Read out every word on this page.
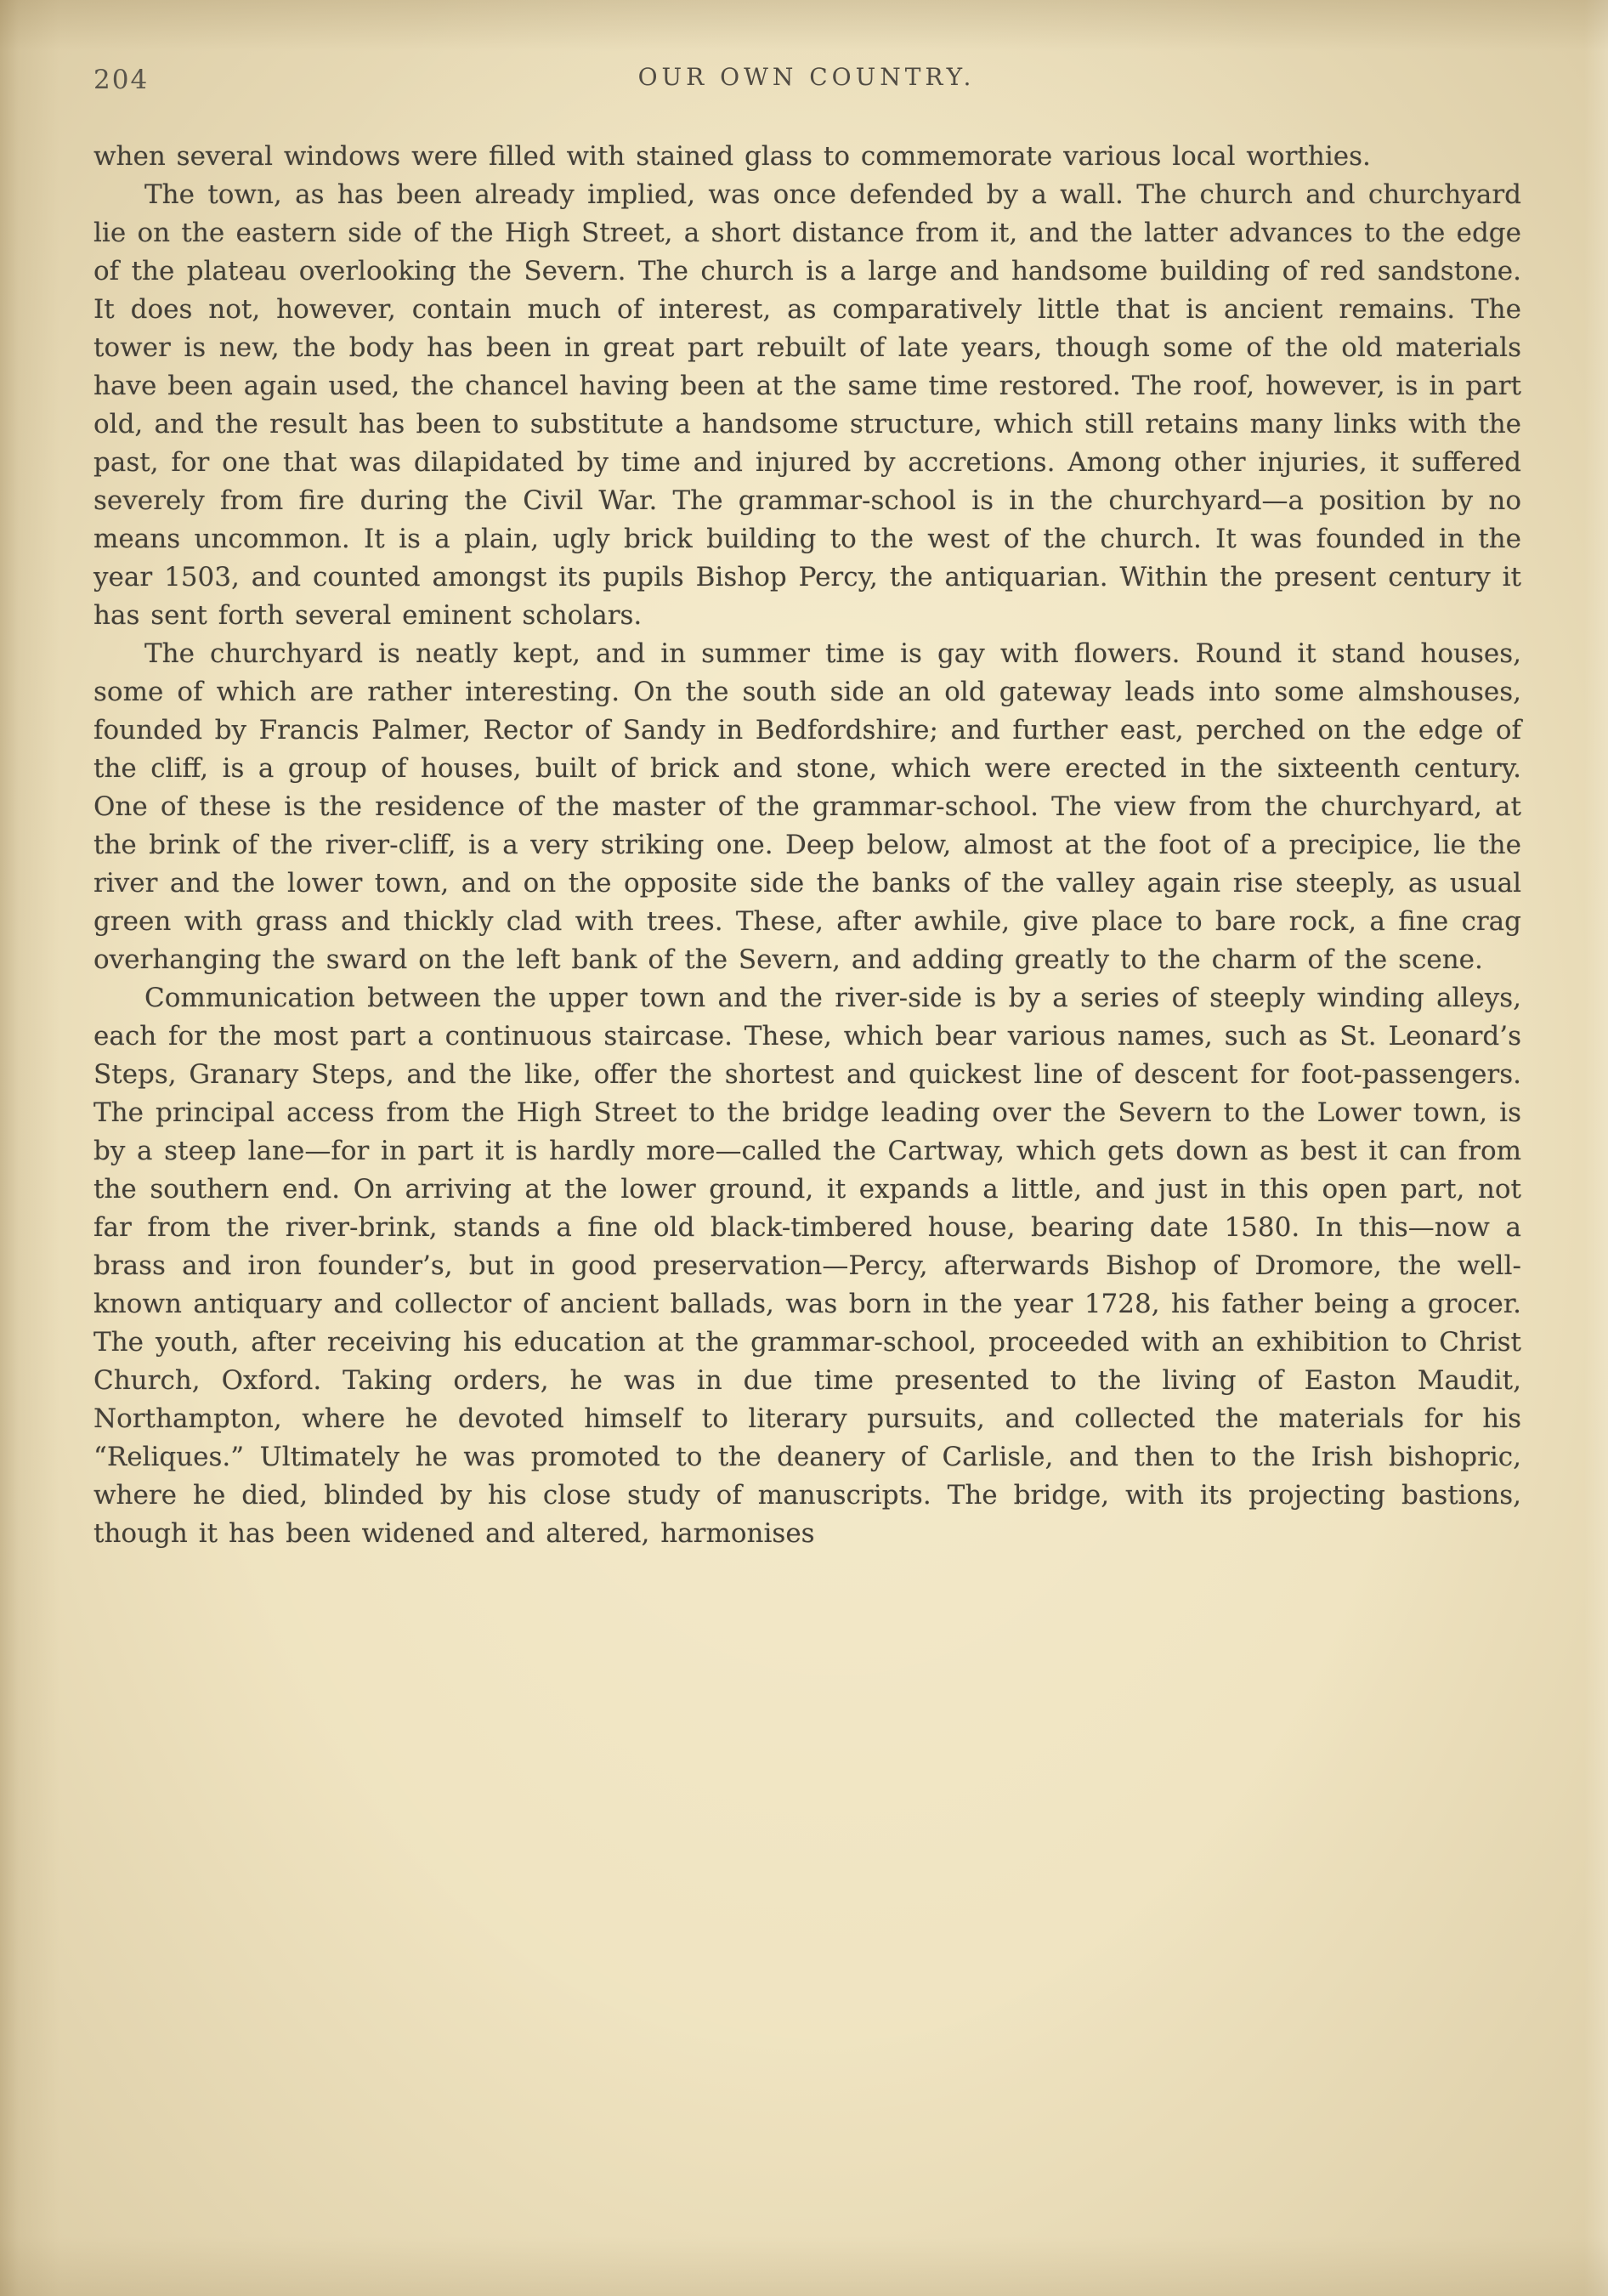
204	OUR OWN COUNTRY.

when several windows were filled with stained glass to commemorate various local worthies.

The town, as has been already implied, was once defended by a wall. The church and churchyard lie on the eastern side of the High Street, a short distance from it, and the latter advances to the edge of the plateau overlooking the Severn. The church is a large and handsome building of red sandstone. It does not, however, contain much of interest, as comparatively little that is ancient remains. The tower is new, the body has been in great part rebuilt of late years, though some of the old materials have been again used, the chancel having been at the same time restored. The roof, however, is in part old, and the result has been to substitute a handsome structure, which still retains many links with the past, for one that was dilapidated by time and injured by accretions. Among other injuries, it suffered severely from fire during the Civil War. The grammar-school is in the churchyard—a position by no means uncommon. It is a plain, ugly brick building to the west of the church. It was founded in the year 1503, and counted amongst its pupils Bishop Percy, the antiquarian. Within the present century it has sent forth several eminent scholars.

The churchyard is neatly kept, and in summer time is gay with flowers. Round it stand houses, some of which are rather interesting. On the south side an old gateway leads into some almshouses, founded by Francis Palmer, Rector of Sandy in Bedfordshire; and further east, perched on the edge of the cliff, is a group of houses, built of brick and stone, which were erected in the sixteenth century. One of these is the residence of the master of the grammar-school. The view from the churchyard, at the brink of the river-cliff, is a very striking one. Deep below, almost at the foot of a precipice, lie the river and the lower town, and on the opposite side the banks of the valley again rise steeply, as usual green with grass and thickly clad with trees. These, after awhile, give place to bare rock, a fine crag overhanging the sward on the left bank of the Severn, and adding greatly to the charm of the scene.

Communication between the upper town and the river-side is by a series of steeply winding alleys, each for the most part a continuous staircase. These, which bear various names, such as St. Leonard’s Steps, Granary Steps, and the like, offer the shortest and quickest line of descent for foot-passengers. The principal access from the High Street to the bridge leading over the Severn to the Lower town, is by a steep lane—for in part it is hardly more—called the Cartway, which gets down as best it can from the southern end. On arriving at the lower ground, it expands a little, and just in this open part, not far from the river-brink, stands a fine old black-timbered house, bearing date 1580. In this—now a brass and iron founder’s, but in good preservation—Percy, afterwards Bishop of Dromore, the well-known antiquary and collector of ancient ballads, was born in the year 1728, his father being a grocer. The youth, after receiving his education at the grammar-school, proceeded with an exhibition to Christ Church, Oxford. Taking orders, he was in due time presented to the living of Easton Maudit, Northampton, where he devoted himself to literary pursuits, and collected the materials for his “Reliques.” Ultimately he was promoted to the deanery of Carlisle, and then to the Irish bishopric, where he died, blinded by his close study of manuscripts. The bridge, with its projecting bastions, though it has been widened and altered, harmonises
